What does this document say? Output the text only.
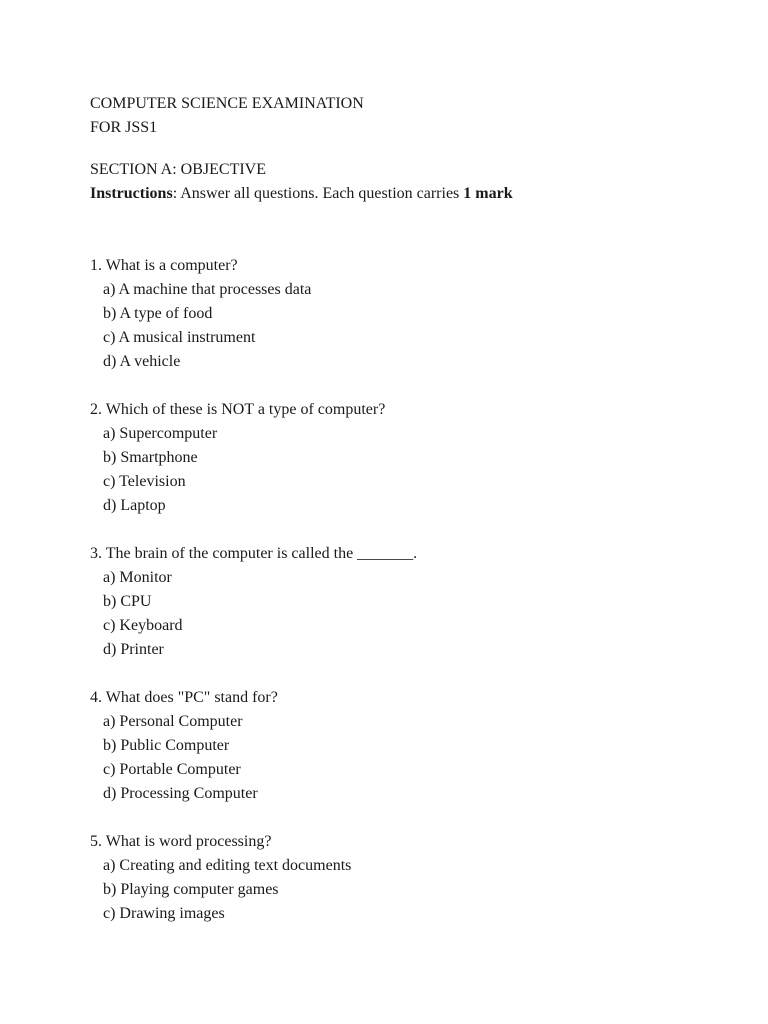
COMPUTER SCIENCE EXAMINATION
FOR JSS1
SECTION A: OBJECTIVE
Instructions: Answer all questions. Each question carries 1 mark
1. What is a computer?
a) A machine that processes data
b) A type of food
c) A musical instrument
d) A vehicle
2. Which of these is NOT a type of computer?
a) Supercomputer
b) Smartphone
c) Television
d) Laptop
3. The brain of the computer is called the _______.
a) Monitor
b) CPU
c) Keyboard
d) Printer
4. What does "PC" stand for?
a) Personal Computer
b) Public Computer
c) Portable Computer
d) Processing Computer
5. What is word processing?
a) Creating and editing text documents
b) Playing computer games
c) Drawing images
